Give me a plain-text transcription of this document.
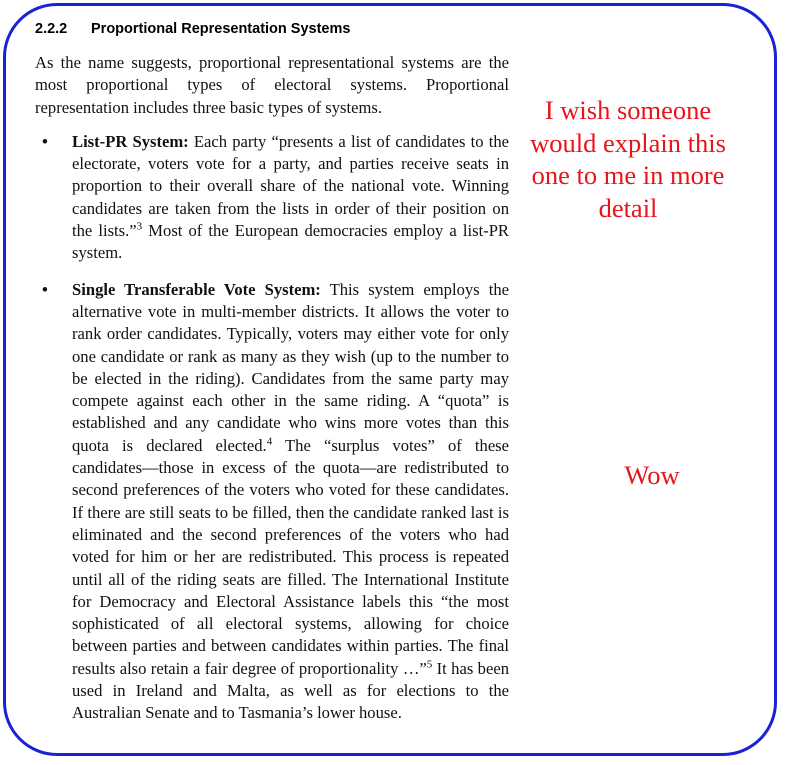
2.2.2 Proportional Representation Systems

As the name suggests, proportional representational systems are the most proportional types of electoral systems. Proportional representation includes three basic types of systems.

• List-PR System: Each party “presents a list of candidates to the electorate, voters vote for a party, and parties receive seats in proportion to their overall share of the national vote. Winning candidates are taken from the lists in order of their position on the lists.”$^3$ Most of the European democracies employ a list-PR system.
• Single Transferable Vote System: This system employs the alternative vote in multi-member districts. It allows the voter to rank order candidates. Typically, voters may either vote for only one candidate or rank as many as they wish (up to the number to be elected in the riding). Candidates from the same party may compete against each other in the same riding. A “quota” is established and any candidate who wins more votes than this quota is declared elected.$^4$ The “surplus votes” of these candidates—those in excess of the quota—are redistributed to second preferences of the voters who voted for these candidates. If there are still seats to be filled, then the candidate ranked last is eliminated and the second preferences of the voters who had voted for him or her are redistributed. This process is repeated until all of the riding seats are filled. The International Institute for Democracy and Electoral Assistance labels this “the most sophisticated of all electoral systems, allowing for choice between parties and between candidates within parties. The final results also retain a fair degree of proportionality …”$^5$ It has been used in Ireland and Malta, as well as for elections to the Australian Senate and to Tasmania’s lower house.
I wish someone would explain this one to me in more detail
Wow
